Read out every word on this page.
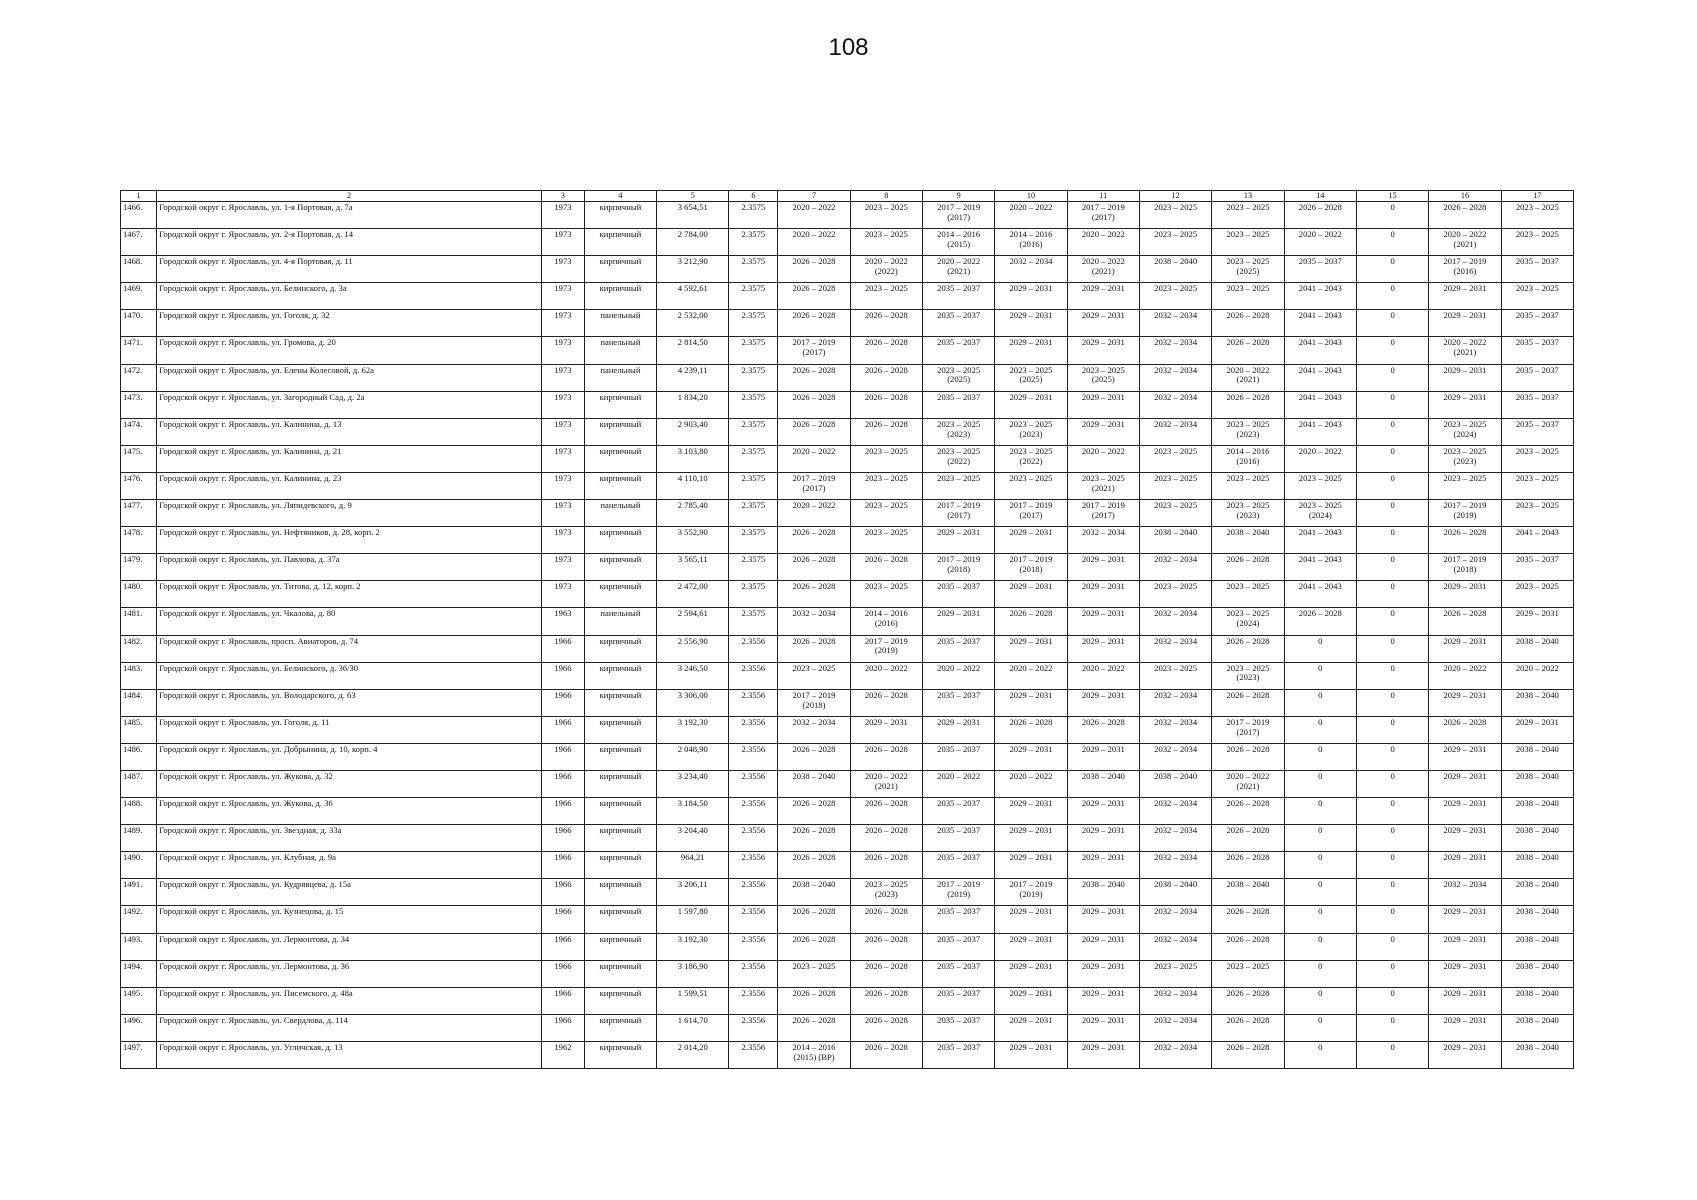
108
1	2	3	4	5	6	7	8	9	10	11	12	13	14	15	16	17
1466.	Городской округ г. Ярославль, ул. 1-я Портовая, д. 7а	1973	кирпичный	3 654,51	2.3575	2020 – 2022	2023 – 2025	2017 – 2019
(2017)	2020 – 2022	2017 – 2019
(2017)	2023 – 2025	2023 – 2025	2026 – 2028	0	2026 – 2028	2023 – 2025
1467.	Городской округ г. Ярославль, ул. 2-я Портовая, д. 14	1973	кирпичный	2 784,00	2.3575	2020 – 2022	2023 – 2025	2014 – 2016
(2015)	2014 – 2016
(2016)	2020 – 2022	2023 – 2025	2023 – 2025	2020 – 2022	0	2020 – 2022
(2021)	2023 – 2025
1468.	Городской округ г. Ярославль, ул. 4-я Портовая, д. 11	1973	кирпичный	3 212,90	2.3575	2026 – 2028	2020 – 2022
(2022)	2020 – 2022
(2021)	2032 – 2034	2020 – 2022
(2021)	2038 – 2040	2023 – 2025
(2025)	2035 – 2037	0	2017 – 2019
(2016)	2035 – 2037
1469.	Городской округ г. Ярославль, ул. Белинского, д. 3а	1973	кирпичный	4 592,61	2.3575	2026 – 2028	2023 – 2025	2035 – 2037	2029 – 2031	2029 – 2031	2023 – 2025	2023 – 2025	2041 – 2043	0	2029 – 2031	2023 – 2025
1470.	Городской округ г. Ярославль, ул. Гоголя, д. 32	1973	панельный	2 532,00	2.3575	2026 – 2028	2026 – 2028	2035 – 2037	2029 – 2031	2029 – 2031	2032 – 2034	2026 – 2028	2041 – 2043	0	2029 – 2031	2035 – 2037
1471.	Городской округ г. Ярославль, ул. Громова, д. 20	1973	панельный	2 814,50	2.3575	2017 – 2019
(2017)	2026 – 2028	2035 – 2037	2029 – 2031	2029 – 2031	2032 – 2034	2026 – 2028	2041 – 2043	0	2020 – 2022
(2021)	2035 – 2037
1472.	Городской округ г. Ярославль, ул. Елены Колесовой, д. 62а	1973	панельный	4 239,11	2.3575	2026 – 2028	2026 – 2028	2023 – 2025
(2025)	2023 – 2025
(2025)	2023 – 2025
(2025)	2032 – 2034	2020 – 2022
(2021)	2041 – 2043	0	2029 – 2031	2035 – 2037
1473.	Городской округ г. Ярославль, ул. Загородный Сад, д. 2а	1973	кирпичный	1 834,20	2.3575	2026 – 2028	2026 – 2028	2035 – 2037	2029 – 2031	2029 – 2031	2032 – 2034	2026 – 2028	2041 – 2043	0	2029 – 2031	2035 – 2037
1474.	Городской округ г. Ярославль, ул. Калинина, д. 13	1973	кирпичный	2 903,40	2.3575	2026 – 2028	2026 – 2028	2023 – 2025
(2023)	2023 – 2025
(2023)	2029 – 2031	2032 – 2034	2023 – 2025
(2023)	2041 – 2043	0	2023 – 2025
(2024)	2035 – 2037
1475.	Городской округ г. Ярославль, ул. Калинина, д. 21	1973	кирпичный	3 103,80	2.3575	2020 – 2022	2023 – 2025	2023 – 2025
(2022)	2023 – 2025
(2022)	2020 – 2022	2023 – 2025	2014 – 2016
(2016)	2020 – 2022	0	2023 – 2025
(2023)	2023 – 2025
1476.	Городской округ г. Ярославль, ул. Калинина, д. 23	1973	кирпичный	4 110,10	2.3575	2017 – 2019
(2017)	2023 – 2025	2023 – 2025	2023 – 2025	2023 – 2025
(2021)	2023 – 2025	2023 – 2025	2023 – 2025	0	2023 – 2025	2023 – 2025
1477.	Городской округ г. Ярославль, ул. Ляпидевского, д. 9	1973	панельный	2 785,40	2.3575	2020 – 2022	2023 – 2025	2017 – 2019
(2017)	2017 – 2019
(2017)	2017 – 2019
(2017)	2023 – 2025	2023 – 2025
(2023)	2023 – 2025
(2024)	0	2017 – 2019
(2019)	2023 – 2025
1478.	Городской округ г. Ярославль, ул. Нефтяников, д. 28, корп. 2	1973	кирпичный	3 552,90	2.3575	2026 – 2028	2023 – 2025	2029 – 2031	2029 – 2031	2032 – 2034	2038 – 2040	2038 – 2040	2041 – 2043	0	2026 – 2028	2041 – 2043
1479.	Городской округ г. Ярославль, ул. Павлова, д. 37а	1973	кирпичный	3 565,11	2.3575	2026 – 2028	2026 – 2028	2017 – 2019
(2018)	2017 – 2019
(2018)	2029 – 2031	2032 – 2034	2026 – 2028	2041 – 2043	0	2017 – 2019
(2018)	2035 – 2037
1480.	Городской округ г. Ярославль, ул. Титова, д. 12, корп. 2	1973	кирпичный	2 472,00	2.3575	2026 – 2028	2023 – 2025	2035 – 2037	2029 – 2031	2029 – 2031	2023 – 2025	2023 – 2025	2041 – 2043	0	2029 – 2031	2023 – 2025
1481.	Городской округ г. Ярославль, ул. Чкалова, д. 80	1963	панельный	2 594,61	2.3575	2032 – 2034	2014 – 2016
(2016)	2029 – 2031	2026 – 2028	2029 – 2031	2032 – 2034	2023 – 2025
(2024)	2026 – 2028	0	2026 – 2028	2029 – 2031
1482.	Городской округ г. Ярославль, просп. Авиаторов, д. 74	1966	кирпичный	2 556,90	2.3556	2026 – 2028	2017 – 2019
(2019)	2035 – 2037	2029 – 2031	2029 – 2031	2032 – 2034	2026 – 2028	0	0	2029 – 2031	2038 – 2040
1483.	Городской округ г. Ярославль, ул. Белинского, д. 36/30	1966	кирпичный	3 246,50	2.3556	2023 – 2025	2020 – 2022	2020 – 2022	2020 – 2022	2020 – 2022	2023 – 2025	2023 – 2025
(2023)	0	0	2020 – 2022	2020 – 2022
1484.	Городской округ г. Ярославль, ул. Володарского, д. 63	1966	кирпичный	3 306,00	2.3556	2017 – 2019
(2018)	2026 – 2028	2035 – 2037	2029 – 2031	2029 – 2031	2032 – 2034	2026 – 2028	0	0	2029 – 2031	2038 – 2040
1485.	Городской округ г. Ярославль, ул. Гоголя, д. 11	1966	кирпичный	3 192,30	2.3556	2032 – 2034	2029 – 2031	2029 – 2031	2026 – 2028	2026 – 2028	2032 – 2034	2017 – 2019
(2017)	0	0	2026 – 2028	2029 – 2031
1486.	Городской округ г. Ярославль, ул. Добрынина, д. 10, корп. 4	1966	кирпичный	2 048,90	2.3556	2026 – 2028	2026 – 2028	2035 – 2037	2029 – 2031	2029 – 2031	2032 – 2034	2026 – 2028	0	0	2029 – 2031	2038 – 2040
1487.	Городской округ г. Ярославль, ул. Жукова, д. 32	1966	кирпичный	3 234,40	2.3556	2038 – 2040	2020 – 2022
(2021)	2020 – 2022	2020 – 2022	2038 – 2040	2038 – 2040	2020 – 2022
(2021)	0	0	2029 – 2031	2038 – 2040
1488.	Городской округ г. Ярославль, ул. Жукова, д. 36	1966	кирпичный	3 184,50	2.3556	2026 – 2028	2026 – 2028	2035 – 2037	2029 – 2031	2029 – 2031	2032 – 2034	2026 – 2028	0	0	2029 – 2031	2038 – 2040
1489.	Городской округ г. Ярославль, ул. Звездная, д. 33а	1966	кирпичный	3 204,40	2.3556	2026 – 2028	2026 – 2028	2035 – 2037	2029 – 2031	2029 – 2031	2032 – 2034	2026 – 2028	0	0	2029 – 2031	2038 – 2040
1490.	Городской округ г. Ярославль, ул. Клубная, д. 9а	1966	кирпичный	964,21	2.3556	2026 – 2028	2026 – 2028	2035 – 2037	2029 – 2031	2029 – 2031	2032 – 2034	2026 – 2028	0	0	2029 – 2031	2038 – 2040
1491.	Городской округ г. Ярославль, ул. Кудрявцева, д. 15а	1966	кирпичный	3 206,11	2.3556	2038 – 2040	2023 – 2025
(2023)	2017 – 2019
(2019)	2017 – 2019
(2019)	2038 – 2040	2038 – 2040	2038 – 2040	0	0	2032 – 2034	2038 – 2040
1492.	Городской округ г. Ярославль, ул. Кузнецова, д. 15	1966	кирпичный	1 597,80	2.3556	2026 – 2028	2026 – 2028	2035 – 2037	2029 – 2031	2029 – 2031	2032 – 2034	2026 – 2028	0	0	2029 – 2031	2038 – 2040
1493.	Городской округ г. Ярославль, ул. Лермонтова, д. 34	1966	кирпичный	3 192,30	2.3556	2026 – 2028	2026 – 2028	2035 – 2037	2029 – 2031	2029 – 2031	2032 – 2034	2026 – 2028	0	0	2029 – 2031	2038 – 2040
1494.	Городской округ г. Ярославль, ул. Лермонтова, д. 36	1966	кирпичный	3 186,90	2.3556	2023 – 2025	2026 – 2028	2035 – 2037	2029 – 2031	2029 – 2031	2023 – 2025	2023 – 2025	0	0	2029 – 2031	2038 – 2040
1495.	Городской округ г. Ярославль, ул. Писемского, д. 48а	1966	кирпичный	1 599,51	2.3556	2026 – 2028	2026 – 2028	2035 – 2037	2029 – 2031	2029 – 2031	2032 – 2034	2026 – 2028	0	0	2029 – 2031	2038 – 2040
1496.	Городской округ г. Ярославль, ул. Свердлова, д. 114	1966	кирпичный	1 614,70	2.3556	2026 – 2028	2026 – 2028	2035 – 2037	2029 – 2031	2029 – 2031	2032 – 2034	2026 – 2028	0	0	2029 – 2031	2038 – 2040
1497.	Городской округ г. Ярославль, ул. Угличская, д. 13	1962	кирпичный	2 014,20	2.3556	2014 – 2016
(2015) (ВР)	2026 – 2028	2035 – 2037	2029 – 2031	2029 – 2031	2032 – 2034	2026 – 2028	0	0	2029 – 2031	2038 – 2040
